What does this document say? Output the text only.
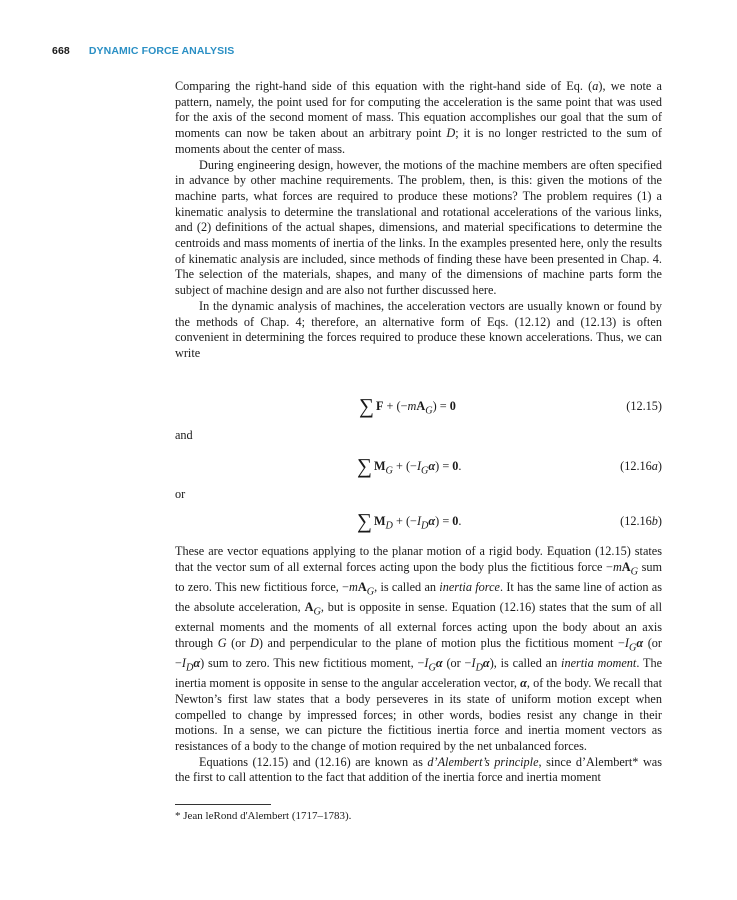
668 DYNAMIC FORCE ANALYSIS

Comparing the right-hand side of this equation with the right-hand side of Eq. (a), we note a pattern, namely, the point used for for computing the acceleration is the same point that was used for the axis of the second moment of mass. This equation accomplishes our goal that the sum of moments can now be taken about an arbitrary point D; it is no longer restricted to the sum of moments about the center of mass.

During engineering design, however, the motions of the machine members are often specified in advance by other machine requirements. The problem, then, is this: given the motions of the machine parts, what forces are required to produce these motions? The problem requires (1) a kinematic analysis to determine the translational and rotational accelerations of the various links, and (2) definitions of the actual shapes, dimensions, and material specifications to determine the centroids and mass moments of inertia of the links. In the examples presented here, only the results of kinematic analysis are included, since methods of finding these have been presented in Chap. 4. The selection of the materials, shapes, and many of the dimensions of machine parts form the subject of machine design and are also not further discussed here.

In the dynamic analysis of machines, the acceleration vectors are usually known or found by the methods of Chap. 4; therefore, an alternative form of Eqs. (12.12) and (12.13) is often convenient in determining the forces required to produce these known accelerations. Thus, we can write

∑ $F + (-mA_G) = 0$	(12.15)
and
∑ $M_G + (-I_G\alpha) = 0$.	(12.16a)
or
∑ $M_D + (-I_D\alpha) = 0$.	(12.16b)

These are vector equations applying to the planar motion of a rigid body. Equation (12.15) states that the vector sum of all external forces acting upon the body plus the fictitious force $-mA_G$ sum to zero. This new fictitious force, $-mA_G$, is called an inertia force. It has the same line of action as the absolute acceleration, $A_G$, but is opposite in sense. Equation (12.16) states that the sum of all external moments and the moments of all external forces acting upon the body about an axis through G (or D) and perpendicular to the plane of motion plus the fictitious moment $-I_G\alpha$ $(or -I_D\alpha)$ sum to zero. This new fictitious moment, $-I_G\alpha$ $(or -I_D\alpha)$, is called an inertia moment. The inertia moment is opposite in sense to the angular acceleration vector, α, of the body. We recall that Newton’s first law states that a body perseveres in its state of uniform motion except when compelled to change by impressed forces; in other words, bodies resist any change in their motions. In a sense, we can picture the fictitious inertia force and inertia moment vectors as resistances of a body to the change of motion required by the net unbalanced forces.

Equations (12.15) and (12.16) are known as d’Alembert’s principle, since d’Alembert* was the first to call attention to the fact that addition of the inertia force and inertia moment

* Jean leRond d'Alembert (1717–1783).
